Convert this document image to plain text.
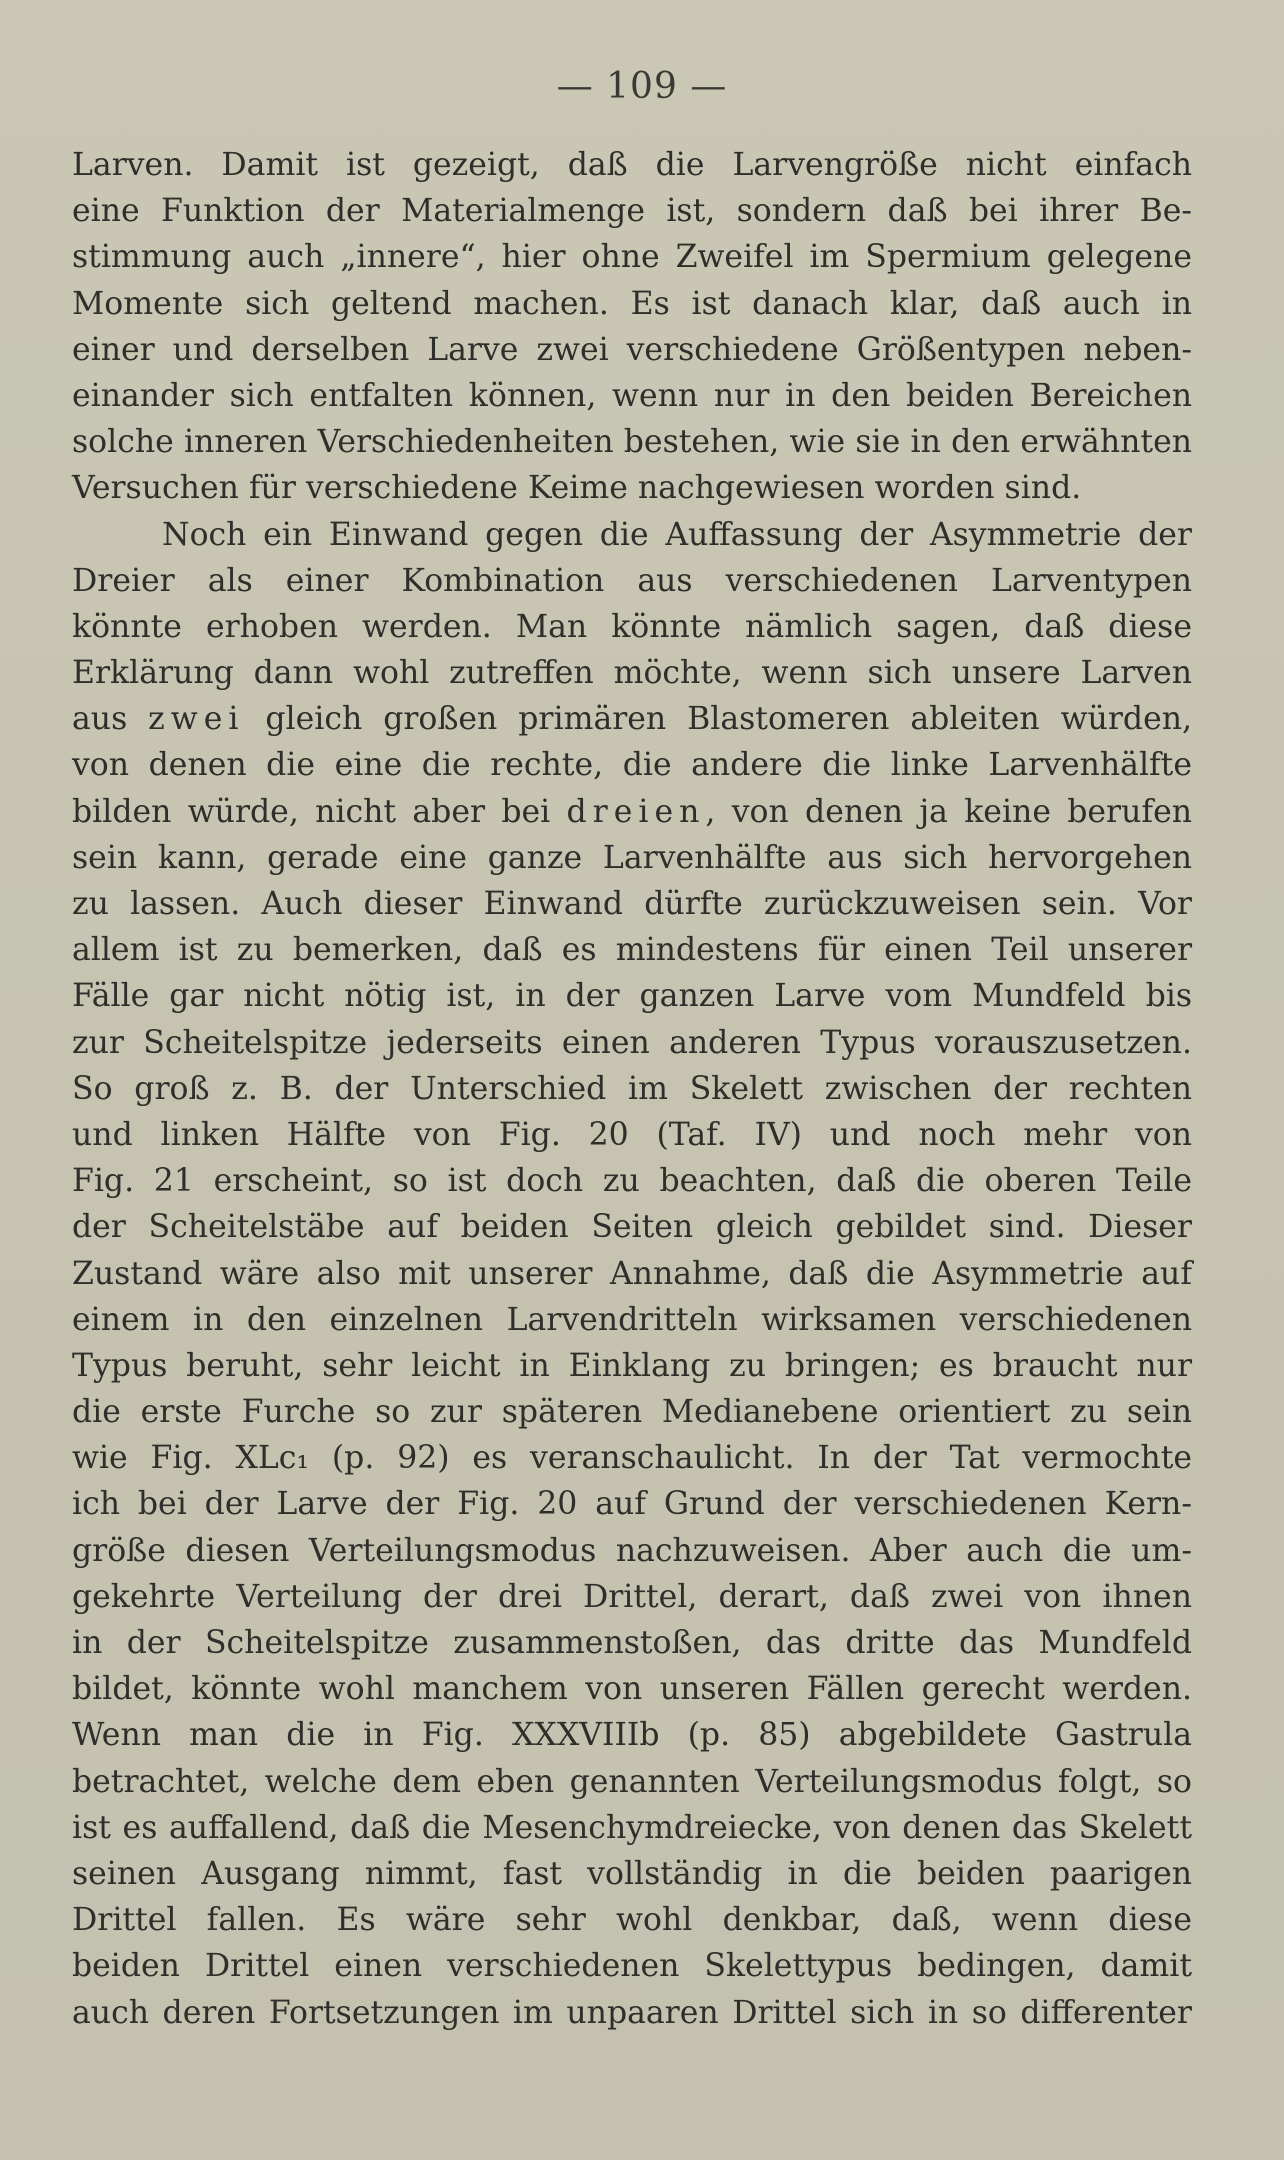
— 109 —
Larven. Damit ist gezeigt, daß die Larvengröße nicht einfach
eine Funktion der Materialmenge ist, sondern daß bei ihrer Be-
stimmung auch „innere“, hier ohne Zweifel im Spermium gelegene
Momente sich geltend machen. Es ist danach klar, daß auch in
einer und derselben Larve zwei verschiedene Größentypen neben-
einander sich entfalten können, wenn nur in den beiden Bereichen
solche inneren Verschiedenheiten bestehen, wie sie in den erwähnten
Versuchen für verschiedene Keime nachgewiesen worden sind.
Noch ein Einwand gegen die Auffassung der Asymmetrie der
Dreier als einer Kombination aus verschiedenen Larventypen
könnte erhoben werden. Man könnte nämlich sagen, daß diese
Erklärung dann wohl zutreffen möchte, wenn sich unsere Larven
aus zwei gleich großen primären Blastomeren ableiten würden,
von denen die eine die rechte, die andere die linke Larvenhälfte
bilden würde, nicht aber bei dreien, von denen ja keine berufen
sein kann, gerade eine ganze Larvenhälfte aus sich hervorgehen
zu lassen. Auch dieser Einwand dürfte zurückzuweisen sein. Vor
allem ist zu bemerken, daß es mindestens für einen Teil unserer
Fälle gar nicht nötig ist, in der ganzen Larve vom Mundfeld bis
zur Scheitelspitze jederseits einen anderen Typus vorauszusetzen.
So groß z. B. der Unterschied im Skelett zwischen der rechten
und linken Hälfte von Fig. 20 (Taf. IV) und noch mehr von
Fig. 21 erscheint, so ist doch zu beachten, daß die oberen Teile
der Scheitelstäbe auf beiden Seiten gleich gebildet sind. Dieser
Zustand wäre also mit unserer Annahme, daß die Asymmetrie auf
einem in den einzelnen Larvendritteln wirksamen verschiedenen
Typus beruht, sehr leicht in Einklang zu bringen; es braucht nur
die erste Furche so zur späteren Medianebene orientiert zu sein
wie Fig. XLc₁ (p. 92) es veranschaulicht. In der Tat vermochte
ich bei der Larve der Fig. 20 auf Grund der verschiedenen Kern-
größe diesen Verteilungsmodus nachzuweisen. Aber auch die um-
gekehrte Verteilung der drei Drittel, derart, daß zwei von ihnen
in der Scheitelspitze zusammenstoßen, das dritte das Mundfeld
bildet, könnte wohl manchem von unseren Fällen gerecht werden.
Wenn man die in Fig. XXXVIIIb (p. 85) abgebildete Gastrula
betrachtet, welche dem eben genannten Verteilungsmodus folgt, so
ist es auffallend, daß die Mesenchymdreiecke, von denen das Skelett
seinen Ausgang nimmt, fast vollständig in die beiden paarigen
Drittel fallen. Es wäre sehr wohl denkbar, daß, wenn diese
beiden Drittel einen verschiedenen Skelettypus bedingen, damit
auch deren Fortsetzungen im unpaaren Drittel sich in so differenter
